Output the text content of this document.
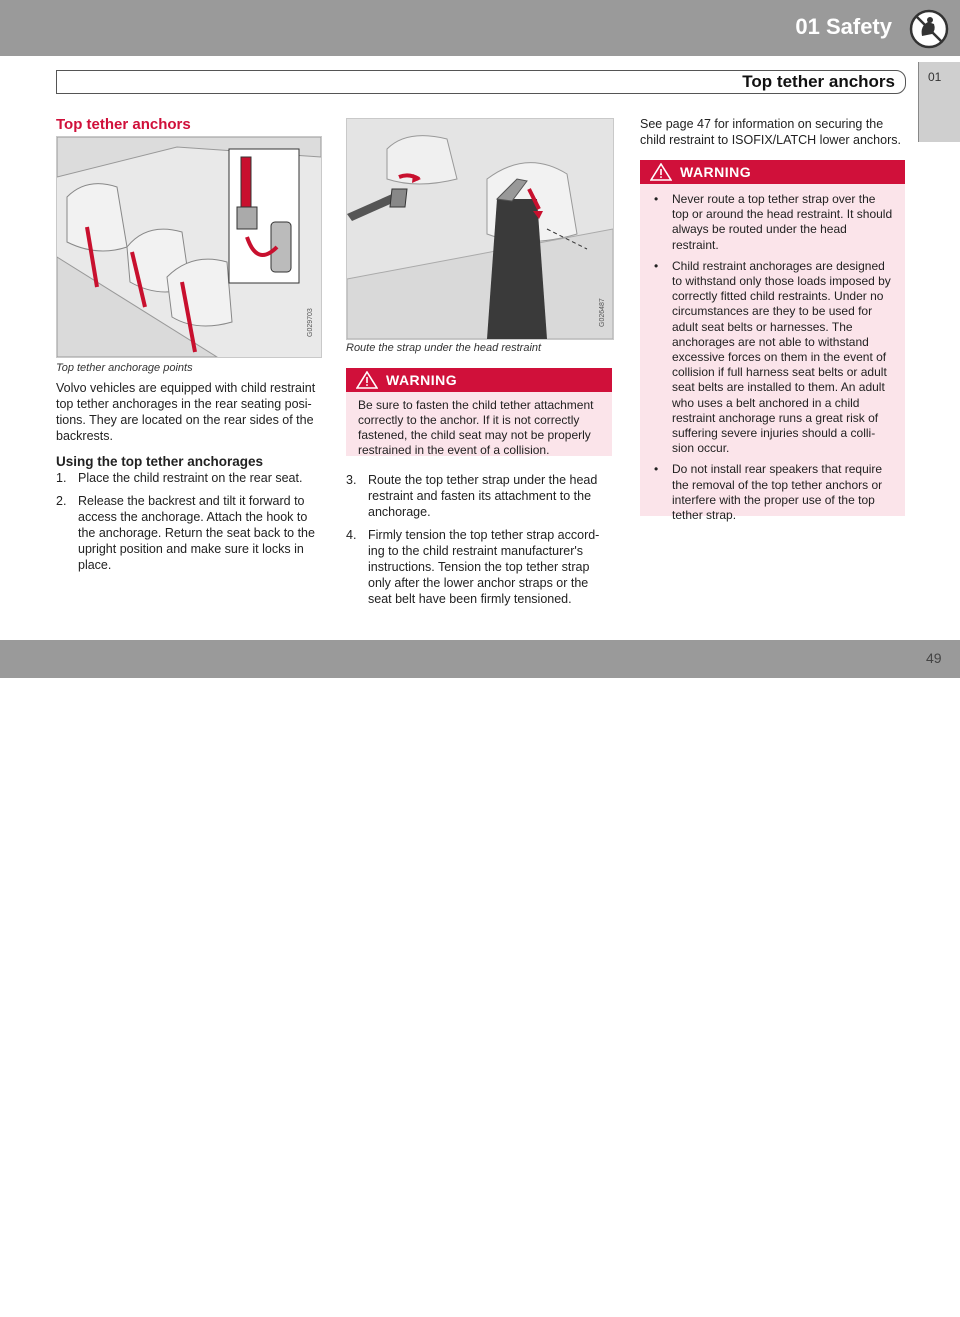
01 Safety
Top tether anchors	01
Top tether anchors
G029703
Top tether anchorage points
Volvo vehicles are equipped with child restraint top tether anchorages in the rear seating posi-tions. They are located on the rear sides of the backrests.
Using the top tether anchorages
1. Place the child restraint on the rear seat.
2. Release the backrest and tilt it forward to access the anchorage. Attach the hook to the anchorage. Return the seat back to the upright position and make sure it locks in place.
G026487
Route the strap under the head restraint
WARNING
Be sure to fasten the child tether attachment correctly to the anchor. If it is not correctly fastened, the child seat may not be properly restrained in the event of a collision.
3. Route the top tether strap under the head restraint and fasten its attachment to the anchorage.
4. Firmly tension the top tether strap accord-ing to the child restraint manufacturer's instructions. Tension the top tether strap only after the lower anchor straps or the seat belt have been firmly tensioned.
See page 47 for information on securing the child restraint to ISOFIX/LATCH lower anchors.
WARNING
• Never route a top tether strap over the top or around the head restraint. It should always be routed under the head restraint.
• Child restraint anchorages are designed to withstand only those loads imposed by correctly fitted child restraints. Under no circumstances are they to be used for adult seat belts or harnesses. The anchorages are not able to withstand excessive forces on them in the event of collision if full harness seat belts or adult seat belts are installed to them. An adult who uses a belt anchored in a child restraint anchorage runs a great risk of suffering severe injuries should a colli-sion occur.
• Do not install rear speakers that require the removal of the top tether anchors or interfere with the proper use of the top tether strap.
carmanualsonline.info
49
